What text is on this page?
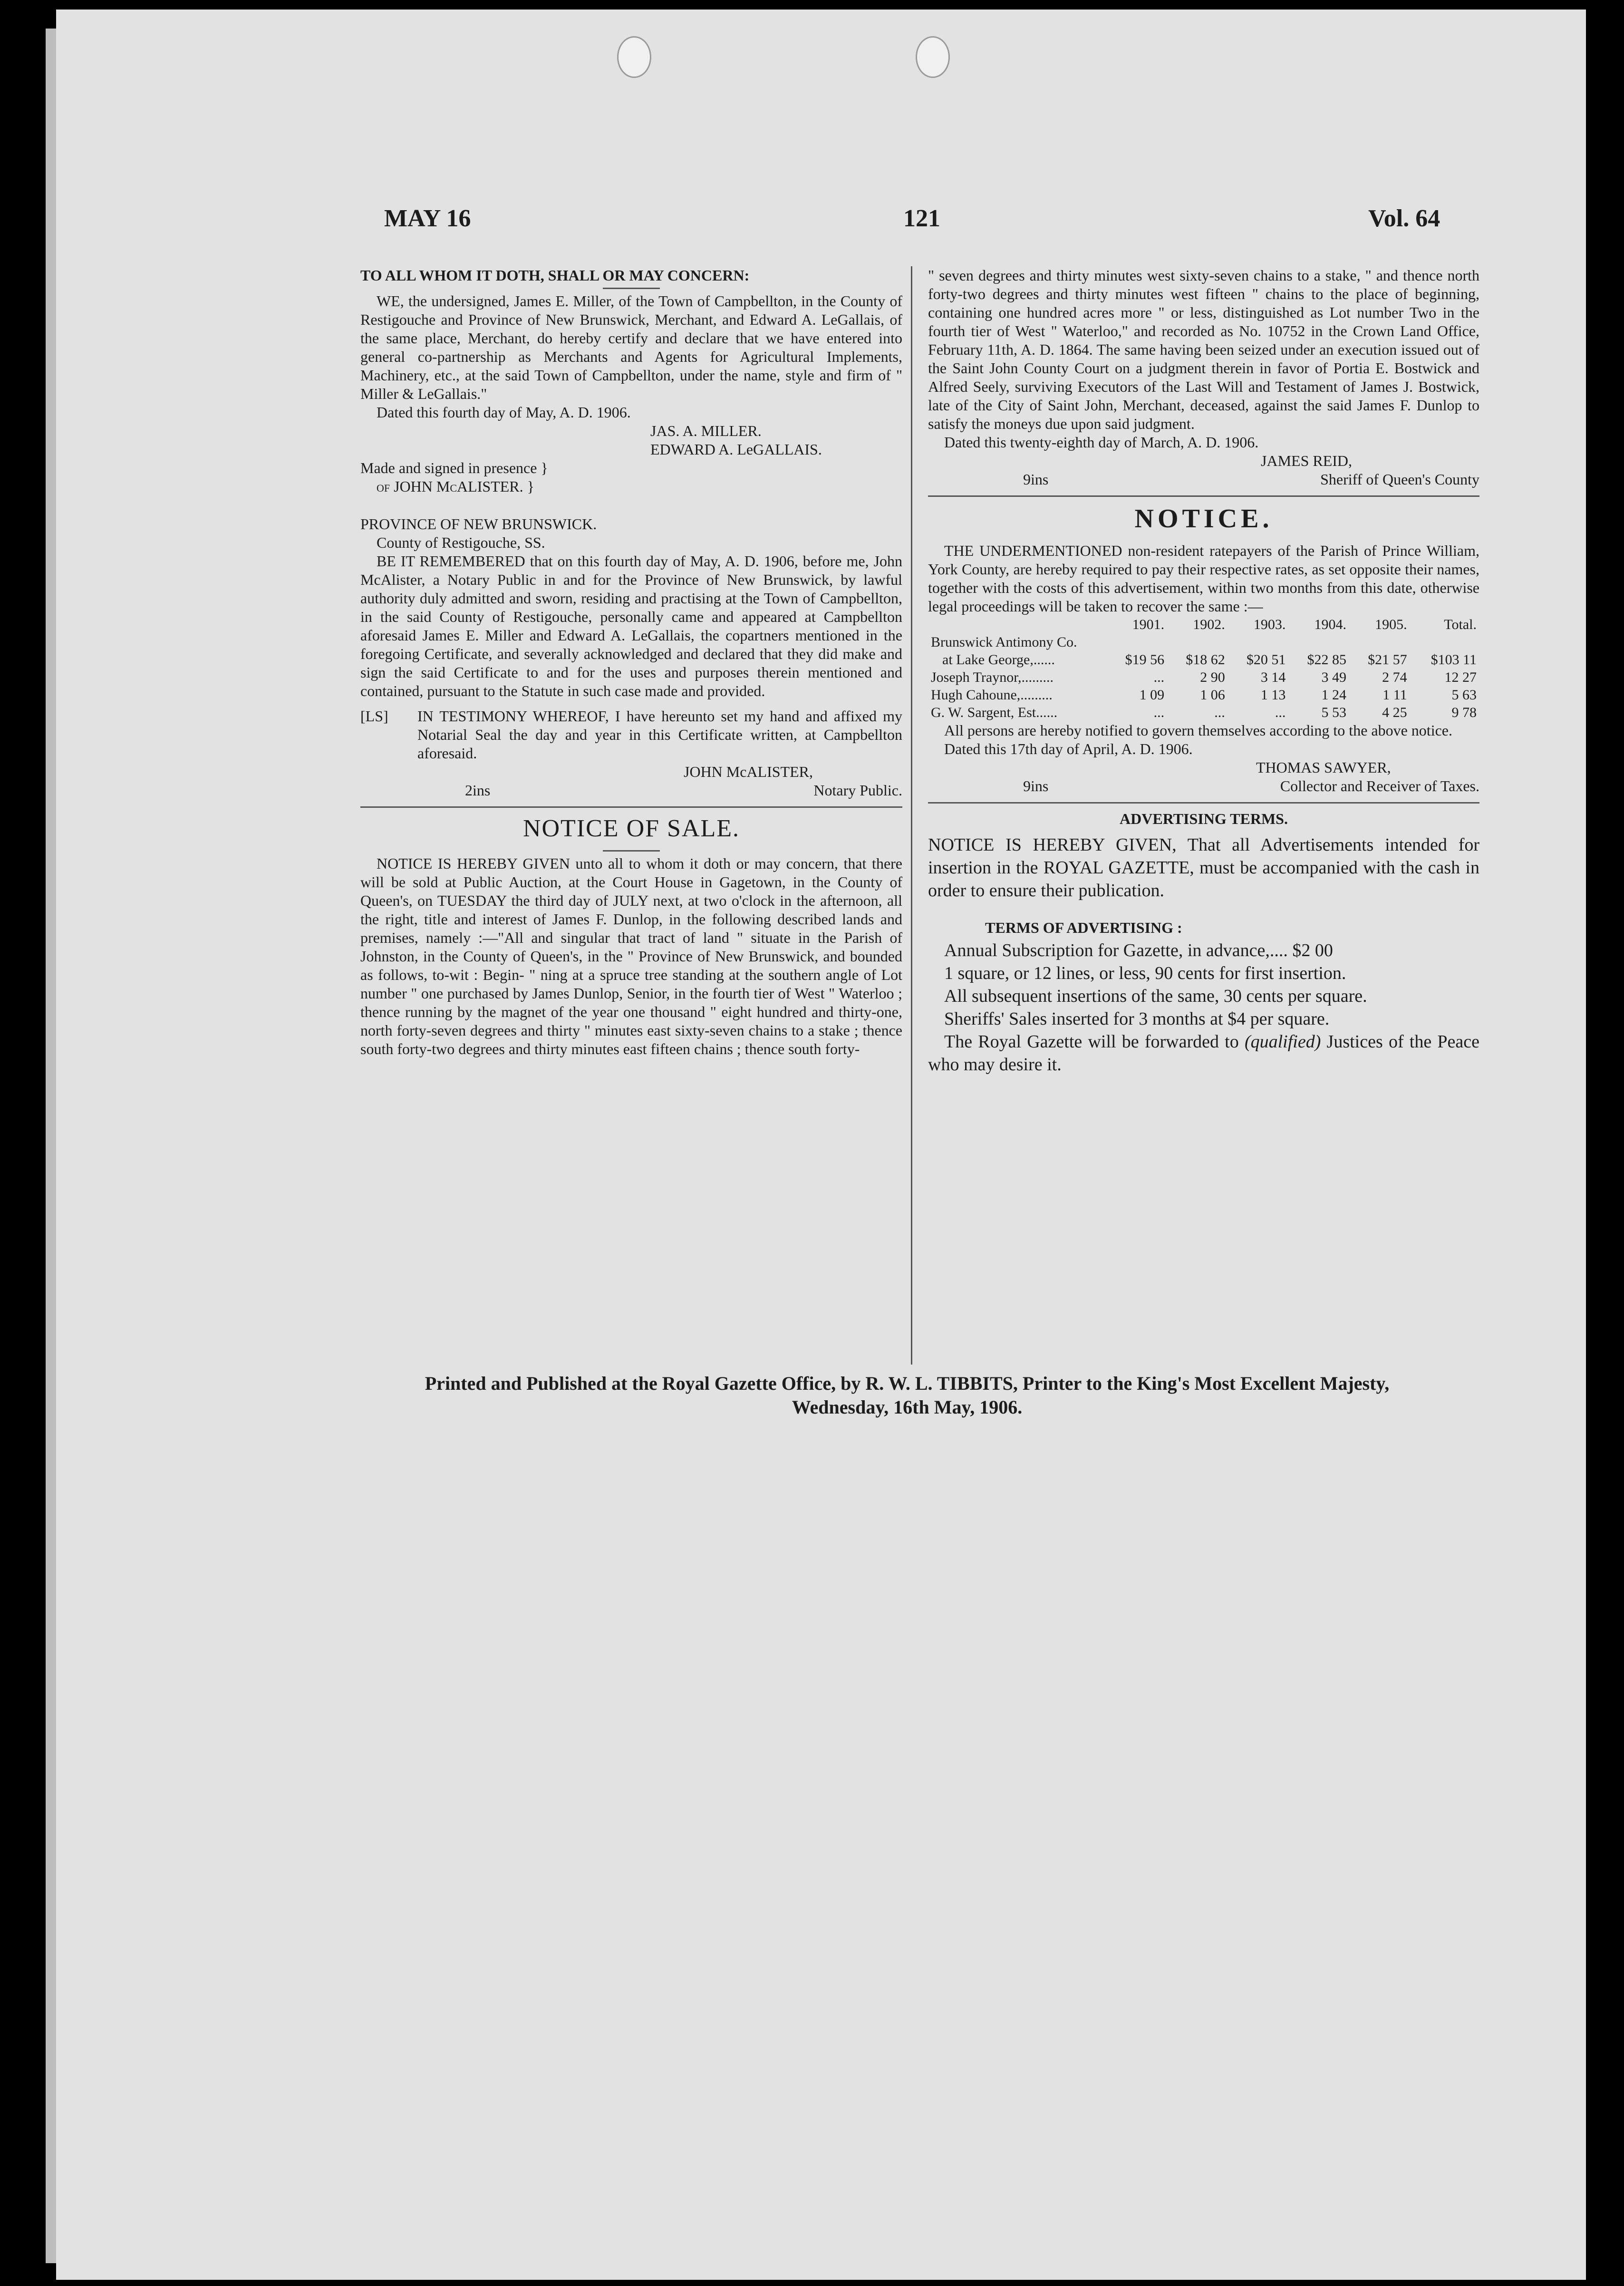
MAY 16	121	Vol. 64

TO ALL WHOM IT DOTH, SHALL OR MAY CONCERN:

WE, the undersigned, James E. Miller, of the Town of Campbellton, in the County of Restigouche and Province of New Brunswick, Merchant, and Edward A. LeGallais, of the same place, Merchant, do hereby certify and declare that we have entered into general co-partnership as Merchants and Agents for Agricultural Implements, Machinery, etc., at the said Town of Campbellton, under the name, style and firm of " Miller & LeGallais."

Dated this fourth day of May, A. D. 1906.

JAS. A. MILLER.

EDWARD A. LeGALLAIS.

Made and signed in presence }

of JOHN McALISTER. }

PROVINCE OF NEW BRUNSWICK.

County of Restigouche, SS.

BE IT REMEMBERED that on this fourth day of May, A. D. 1906, before me, John McAlister, a Notary Public in and for the Province of New Brunswick, by lawful authority duly admitted and sworn, residing and practising at the Town of Campbellton, in the said County of Restigouche, personally came and appeared at Campbellton aforesaid James E. Miller and Edward A. LeGallais, the copartners mentioned in the foregoing Certificate, and severally acknowledged and declared that they did make and sign the said Certificate to and for the uses and purposes therein mentioned and contained, pursuant to the Statute in such case made and provided.

[LS]	IN TESTIMONY WHEREOF, I have hereunto set my hand and affixed my Notarial Seal the day and year in this Certificate written, at Campbellton aforesaid.

JOHN McALISTER,

2ins	Notary Public.

NOTICE OF SALE.

NOTICE IS HEREBY GIVEN unto all to whom it doth or may concern, that there will be sold at Public Auction, at the Court House in Gagetown, in the County of Queen's, on TUESDAY the third day of JULY next, at two o'clock in the afternoon, all the right, title and interest of James F. Dunlop, in the following described lands and premises, namely :—"All and singular that tract of land " situate in the Parish of Johnston, in the County of Queen's, in the " Province of New Brunswick, and bounded as follows, to-wit : Begin- " ning at a spruce tree standing at the southern angle of Lot number " one purchased by James Dunlop, Senior, in the fourth tier of West " Waterloo ; thence running by the magnet of the year one thousand " eight hundred and thirty-one, north forty-seven degrees and thirty " minutes east sixty-seven chains to a stake ; thence south forty-two degrees and thirty minutes east fifteen chains ; thence south forty-

" seven degrees and thirty minutes west sixty-seven chains to a stake, " and thence north forty-two degrees and thirty minutes west fifteen " chains to the place of beginning, containing one hundred acres more " or less, distinguished as Lot number Two in the fourth tier of West " Waterloo," and recorded as No. 10752 in the Crown Land Office, February 11th, A. D. 1864. The same having been seized under an execution issued out of the Saint John County Court on a judgment therein in favor of Portia E. Bostwick and Alfred Seely, surviving Executors of the Last Will and Testament of James J. Bostwick, late of the City of Saint John, Merchant, deceased, against the said James F. Dunlop to satisfy the moneys due upon said judgment.

Dated this twenty-eighth day of March, A. D. 1906.

JAMES REID,

9ins	Sheriff of Queen's County

NOTICE.

THE UNDERMENTIONED non-resident ratepayers of the Parish of Prince William, York County, are hereby required to pay their respective rates, as set opposite their names, together with the costs of this advertisement, within two months from this date, otherwise legal proceedings will be taken to recover the same :—

	1901.	1902.	1903.	1904.	1905.	Total.
Brunswick Antimony Co.						
at Lake George,......	$19 56	$18 62	$20 51	$22 85	$21 57	$103 11
Joseph Traynor,.........	...	2 90	3 14	3 49	2 74	12 27
Hugh Cahoune,.........	1 09	1 06	1 13	1 24	1 11	5 63
G. W. Sargent, Est......	...	...	...	5 53	4 25	9 78

All persons are hereby notified to govern themselves according to the above notice.

Dated this 17th day of April, A. D. 1906.

THOMAS SAWYER,

9ins	Collector and Receiver of Taxes.

ADVERTISING TERMS.

NOTICE IS HEREBY GIVEN, That all Advertisements intended for insertion in the ROYAL GAZETTE, must be accompanied with the cash in order to ensure their publication.

TERMS OF ADVERTISING :

Annual Subscription for Gazette, in advance,.... $2 00

1 square, or 12 lines, or less, 90 cents for first insertion.

All subsequent insertions of the same, 30 cents per square.

Sheriffs' Sales inserted for 3 months at $4 per square.

The Royal Gazette will be forwarded to (qualified) Justices of the Peace who may desire it.

Printed and Published at the Royal Gazette Office, by R. W. L. TIBBITS, Printer to the King's Most Excellent Majesty,
Wednesday, 16th May, 1906.
